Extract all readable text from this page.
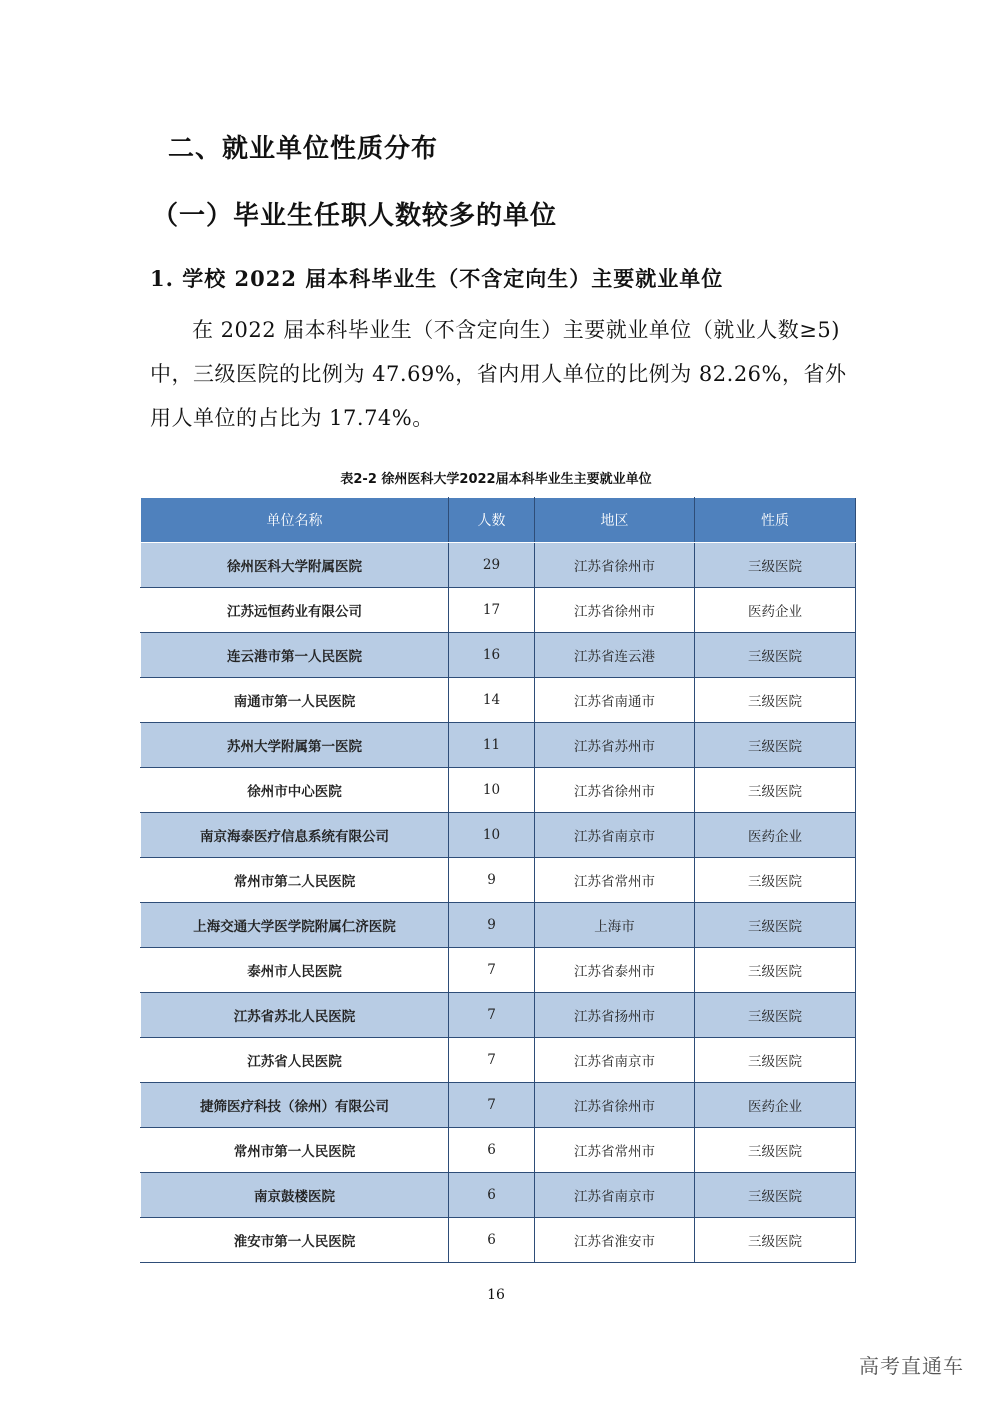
二、就业单位性质分布
（一）毕业生任职人数较多的单位
1. 学校 2022 届本科毕业生（不含定向生）主要就业单位

在 2022 届本科毕业生（不含定向生）主要就业单位（就业人数≥5)中，三级医院的比例为 47.69%，省内用人单位的比例为 82.26%，省外用人单位的占比为 17.74%。

表2-2 徐州医科大学2022届本科毕业生主要就业单位

单位名称	人数	地区	性质
徐州医科大学附属医院	29	江苏省徐州市	三级医院
江苏远恒药业有限公司	17	江苏省徐州市	医药企业
连云港市第一人民医院	16	江苏省连云港	三级医院
南通市第一人民医院	14	江苏省南通市	三级医院
苏州大学附属第一医院	11	江苏省苏州市	三级医院
徐州市中心医院	10	江苏省徐州市	三级医院
南京海泰医疗信息系统有限公司	10	江苏省南京市	医药企业
常州市第二人民医院	9	江苏省常州市	三级医院
上海交通大学医学院附属仁济医院	9	上海市	三级医院
泰州市人民医院	7	江苏省泰州市	三级医院
江苏省苏北人民医院	7	江苏省扬州市	三级医院
江苏省人民医院	7	江苏省南京市	三级医院
捷筛医疗科技（徐州）有限公司	7	江苏省徐州市	医药企业
常州市第一人民医院	6	江苏省常州市	三级医院
南京鼓楼医院	6	江苏省南京市	三级医院
淮安市第一人民医院	6	江苏省淮安市	三级医院

16

高考直通车
